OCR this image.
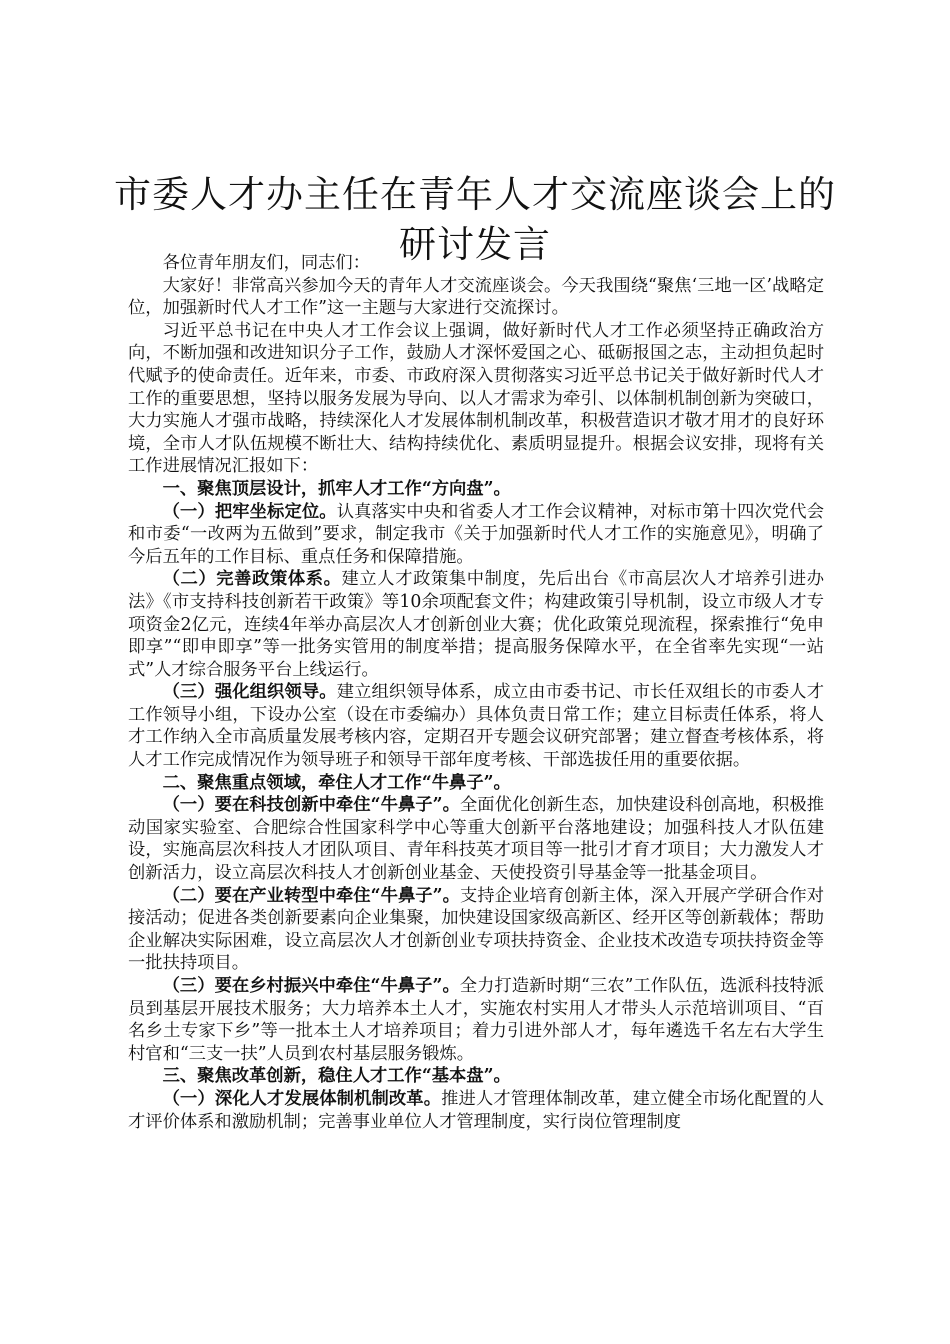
市委人才办主任在青年人才交流座谈会上的研讨发言

各位青年朋友们，同志们：

大家好！非常高兴参加今天的青年人才交流座谈会。今天我围绕“聚焦‘三地一区’战略定位，加强新时代人才工作”这一主题与大家进行交流探讨。

习近平总书记在中央人才工作会议上强调，做好新时代人才工作必须坚持正确政治方向，不断加强和改进知识分子工作，鼓励人才深怀爱国之心、砥砺报国之志，主动担负起时代赋予的使命责任。近年来，市委、市政府深入贯彻落实习近平总书记关于做好新时代人才工作的重要思想，坚持以服务发展为导向、以人才需求为牵引、以体制机制创新为突破口，大力实施人才强市战略，持续深化人才发展体制机制改革，积极营造识才敬才用才的良好环境，全市人才队伍规模不断壮大、结构持续优化、素质明显提升。根据会议安排，现将有关工作进展情况汇报如下：

一、聚焦顶层设计，抓牢人才工作“方向盘”。

（一）把牢坐标定位。认真落实中央和省委人才工作会议精神，对标市第十四次党代会和市委“一改两为五做到”要求，制定我市《关于加强新时代人才工作的实施意见》，明确了今后五年的工作目标、重点任务和保障措施。

（二）完善政策体系。建立人才政策集中制度，先后出台《市高层次人才培养引进办法》《市支持科技创新若干政策》等10余项配套文件；构建政策引导机制，设立市级人才专项资金2亿元，连续4年举办高层次人才创新创业大赛；优化政策兑现流程，探索推行“免申即享”“即申即享”等一批务实管用的制度举措；提高服务保障水平，在全省率先实现“一站式”人才综合服务平台上线运行。

（三）强化组织领导。建立组织领导体系，成立由市委书记、市长任双组长的市委人才工作领导小组，下设办公室（设在市委编办）具体负责日常工作；建立目标责任体系，将人才工作纳入全市高质量发展考核内容，定期召开专题会议研究部署；建立督查考核体系，将人才工作完成情况作为领导班子和领导干部年度考核、干部选拔任用的重要依据。

二、聚焦重点领域，牵住人才工作“牛鼻子”。

（一）要在科技创新中牵住“牛鼻子”。全面优化创新生态，加快建设科创高地，积极推动国家实验室、合肥综合性国家科学中心等重大创新平台落地建设；加强科技人才队伍建设，实施高层次科技人才团队项目、青年科技英才项目等一批引才育才项目；大力激发人才创新活力，设立高层次科技人才创新创业基金、天使投资引导基金等一批基金项目。

（二）要在产业转型中牵住“牛鼻子”。支持企业培育创新主体，深入开展产学研合作对接活动；促进各类创新要素向企业集聚，加快建设国家级高新区、经开区等创新载体；帮助企业解决实际困难，设立高层次人才创新创业专项扶持资金、企业技术改造专项扶持资金等一批扶持项目。

（三）要在乡村振兴中牵住“牛鼻子”。全力打造新时期“三农”工作队伍，选派科技特派员到基层开展技术服务；大力培养本土人才，实施农村实用人才带头人示范培训项目、“百名乡土专家下乡”等一批本土人才培养项目；着力引进外部人才，每年遴选千名左右大学生村官和“三支一扶”人员到农村基层服务锻炼。

三、聚焦改革创新，稳住人才工作“基本盘”。

（一）深化人才发展体制机制改革。推进人才管理体制改革，建立健全市场化配置的人才评价体系和激励机制；完善事业单位人才管理制度，实行岗位管理制度
